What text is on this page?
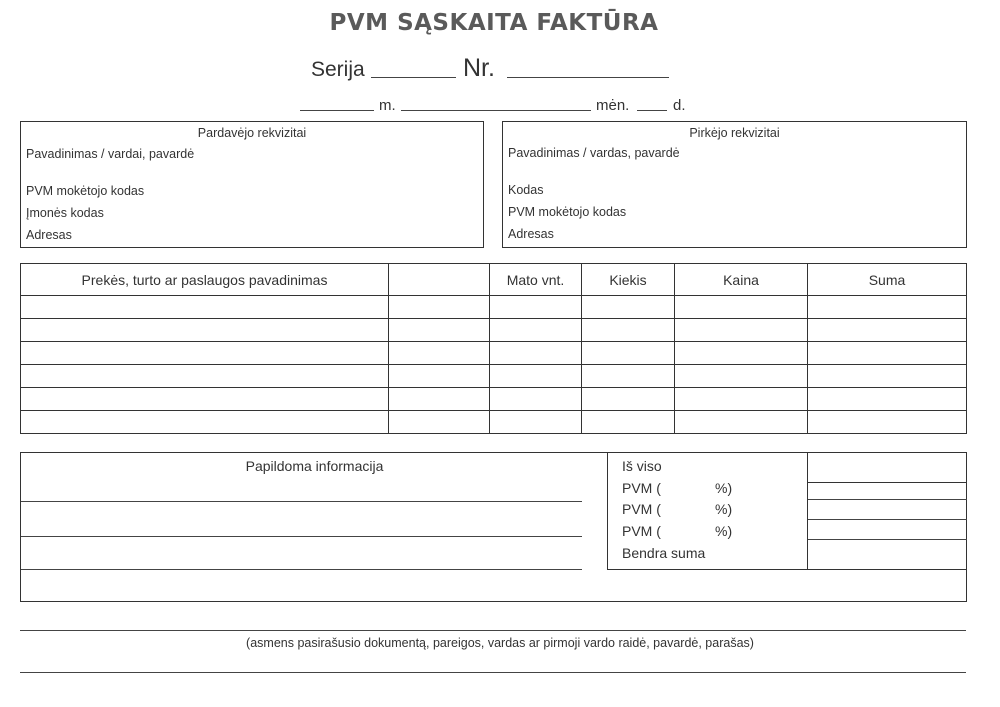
PVM SĄSKAITA FAKTŪRA
Serija	Nr.
m.	mėn.	d.
Pardavėjo rekvizitai
Pavadinimas / vardai, pavardė
PVM mokėtojo kodas
Įmonės kodas
Adresas
Pirkėjo rekvizitai
Pavadinimas / vardas, pavardė
Kodas
PVM mokėtojo kodas
Adresas
Prekės, turto ar paslaugos pavadinimas		Mato vnt.	Kiekis	Kaina	Suma

Papildoma informacija	Iš viso
PVM (	%)
PVM (	%)
PVM (	%)
Bendra suma
(asmens pasirašusio dokumentą, pareigos, vardas ar pirmoji vardo raidė, pavardė, parašas)
